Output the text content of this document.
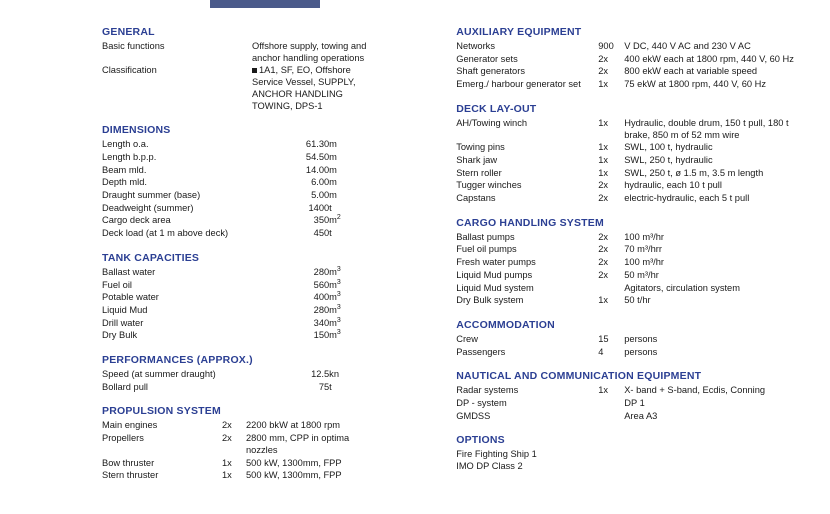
GENERAL
Basic functions	Offshore supply, towing and anchor handling operations
Classification	1A1, SF, EO, Offshore Service Vessel, SUPPLY, ANCHOR HANDLING TOWING, DPS-1
DIMENSIONS
Length o.a.	61.30	m
Length b.p.p.	54.50	m
Beam mld.	14.00	m
Depth mld.	6.00	m
Draught summer (base)	5.00	m
Deadweight (summer)	1400	t
Cargo deck area	350	$m^2$
Deck load (at 1 m above deck)	450	t
TANK CAPACITIES
Ballast water	280	$m^3$
Fuel oil	560	$m^3$
Potable water	400	$m^3$
Liquid Mud	280	$m^3$
Drill water	340	$m^3$
Dry Bulk	150	$m^3$
PERFORMANCES (APPROX.)
Speed (at summer draught)	12.5	kn
Bollard pull	75	t
PROPULSION SYSTEM
Main engines	2x	2200 bkW at 1800 rpm
Propellers	2x	2800 mm, CPP in optima nozzles
Bow thruster	1x	500 kW, 1300mm, FPP
Stern thruster	1x	500 kW, 1300mm, FPP
AUXILIARY EQUIPMENT
Networks	900	V DC, 440 V AC and 230 V AC
Generator sets	2x	400 ekW each at 1800 rpm, 440 V, 60 Hz
Shaft generators	2x	800 ekW each at variable speed
Emerg./ harbour generator set	1x	75 ekW at 1800 rpm, 440 V, 60 Hz
DECK LAY-OUT
AH/Towing winch	1x	Hydraulic, double drum, 150 t pull, 180 t brake, 850 m of 52 mm wire
Towing pins	1x	SWL, 100 t, hydraulic
Shark jaw	1x	SWL, 250 t, hydraulic
Stern roller	1x	SWL, 250 t, ø 1.5 m, 3.5 m length
Tugger winches	2x	hydraulic, each 10 t pull
Capstans	2x	electric-hydraulic, each 5 t pull
CARGO HANDLING SYSTEM
Ballast pumps	2x	100 m³/hr
Fuel oil pumps	2x	70 m³/hrr
Fresh water pumps	2x	100 m³/hr
Liquid Mud pumps	2x	50 m³/hr
Liquid Mud system		Agitators, circulation system
Dry Bulk system	1x	50 t/hr
ACCOMMODATION
Crew	15	persons
Passengers	4	persons
NAUTICAL AND COMMUNICATION EQUIPMENT
Radar systems	1x	X- band + S-band, Ecdis, Conning
DP - system		DP 1
GMDSS		Area A3
OPTIONS
Fire Fighting Ship 1
IMO DP Class 2
